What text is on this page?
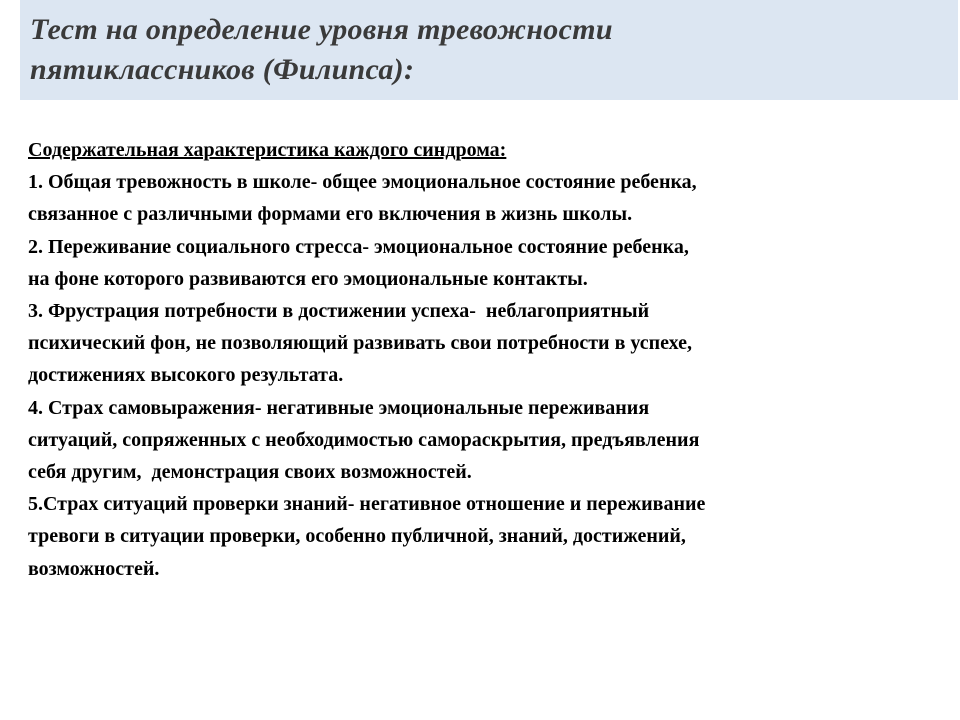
Тест на определение уровня тревожности
пятиклассников (Филипса):
Содержательная характеристика каждого синдрома:
1. Общая тревожность в школе- общее эмоциональное состояние ребенка,
связанное с различными формами его включения в жизнь школы.
2. Переживание социального стресса- эмоциональное состояние ребенка,
на фоне которого развиваются его эмоциональные контакты.
3. Фрустрация потребности в достижении успеха-  неблагоприятный
психический фон, не позволяющий развивать свои потребности в успехе,
достижениях высокого результата.
4. Страх самовыражения- негативные эмоциональные переживания
ситуаций, сопряженных с необходимостью самораскрытия, предъявления
себя другим,  демонстрация своих возможностей.
5.Страх ситуаций проверки знаний- негативное отношение и переживание
тревоги в ситуации проверки, особенно публичной, знаний, достижений,
возможностей.
